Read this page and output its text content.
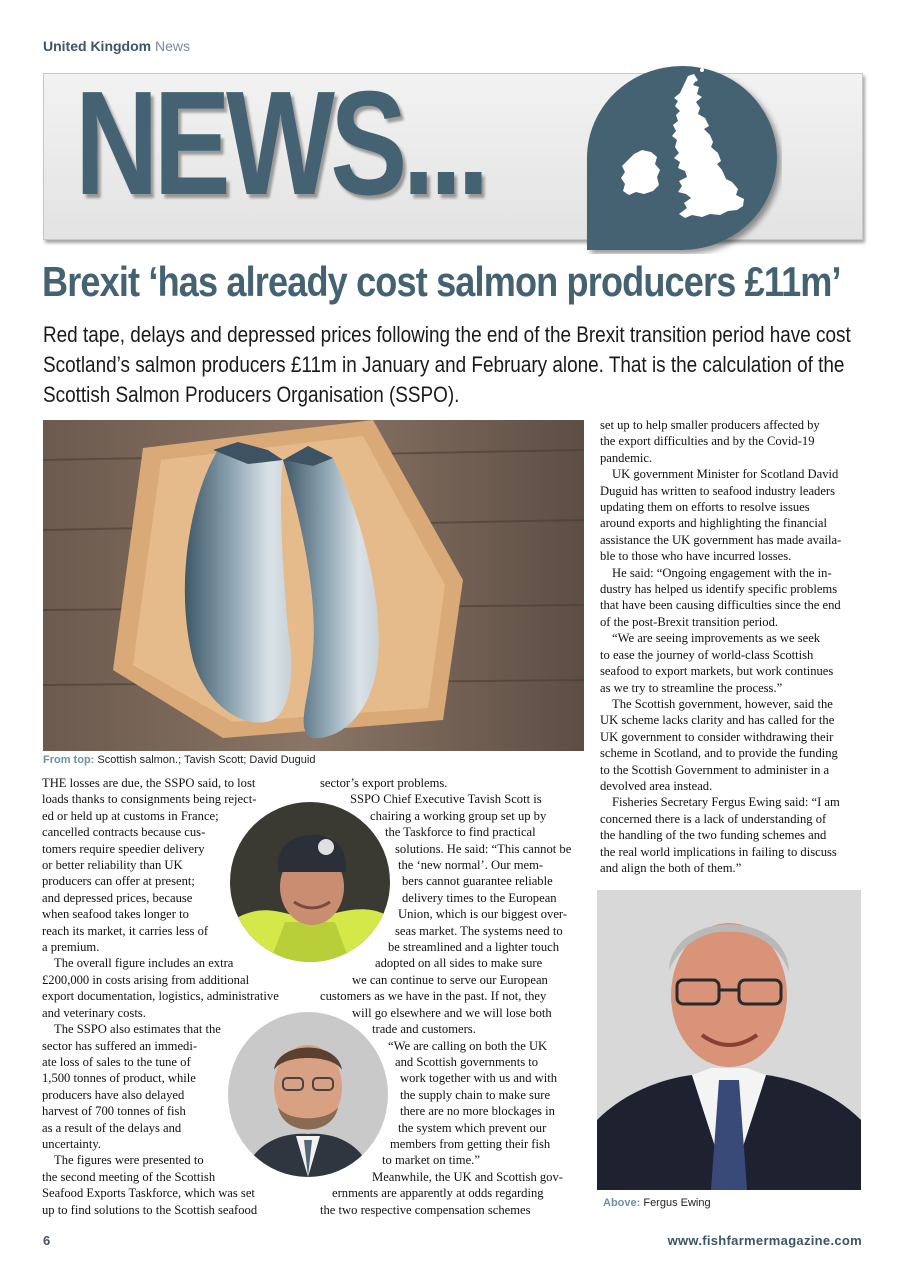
United Kingdom News
NEWS...
Brexit ‘has already cost salmon producers £11m’
Red tape, delays and depressed prices following the end of the Brexit transition period have cost Scotland’s salmon producers £11m in January and February alone. That is the calculation of the Scottish Salmon Producers Organisation (SSPO).
From top: Scottish salmon.; Tavish Scott; David Duguid
THE losses are due, the SSPO said, to lost
loads thanks to consignments being reject-
ed or held up at customs in France;
cancelled contracts because cus-
tomers require speedier delivery
or better reliability than UK
producers can offer at present;
and depressed prices, because
when seafood takes longer to
reach its market, it carries less of
a premium.
The overall figure includes an extra
£200,000 in costs arising from additional
export documentation, logistics, administrative
and veterinary costs.
The SSPO also estimates that the
sector has suffered an immedi-
ate loss of sales to the tune of
1,500 tonnes of product, while
producers have also delayed
harvest of 700 tonnes of fish
as a result of the delays and
uncertainty.
The figures were presented to
the second meeting of the Scottish
Seafood Exports Taskforce, which was set
up to find solutions to the Scottish seafood
sector’s export problems.
SSPO Chief Executive Tavish Scott is
chairing a working group set up by
the Taskforce to find practical
solutions. He said: “This cannot be
the ‘new normal’. Our mem-
bers cannot guarantee reliable
delivery times to the European
Union, which is our biggest over-
seas market. The systems need to
be streamlined and a lighter touch
adopted on all sides to make sure
we can continue to serve our European
customers as we have in the past. If not, they
will go elsewhere and we will lose both
trade and customers.
“We are calling on both the UK
and Scottish governments to
work together with us and with
the supply chain to make sure
there are no more blockages in
the system which prevent our
members from getting their fish
to market on time.”
Meanwhile, the UK and Scottish gov-
ernments are apparently at odds regarding
the two respective compensation schemes
set up to help smaller producers affected by
the export difficulties and by the Covid-19
pandemic.
UK government Minister for Scotland David
Duguid has written to seafood industry leaders
updating them on efforts to resolve issues
around exports and highlighting the financial
assistance the UK government has made availa-
ble to those who have incurred losses.
He said: “Ongoing engagement with the in-
dustry has helped us identify specific problems
that have been causing difficulties since the end
of the post-Brexit transition period.
“We are seeing improvements as we seek
to ease the journey of world-class Scottish
seafood to export markets, but work continues
as we try to streamline the process.”
The Scottish government, however, said the
UK scheme lacks clarity and has called for the
UK government to consider withdrawing their
scheme in Scotland, and to provide the funding
to the Scottish Government to administer in a
devolved area instead.
Fisheries Secretary Fergus Ewing said: “I am
concerned there is a lack of understanding of
the handling of the two funding schemes and
the real world implications in failing to discuss
and align the both of them.”
Above: Fergus Ewing
6	www.fishfarmermagazine.com
